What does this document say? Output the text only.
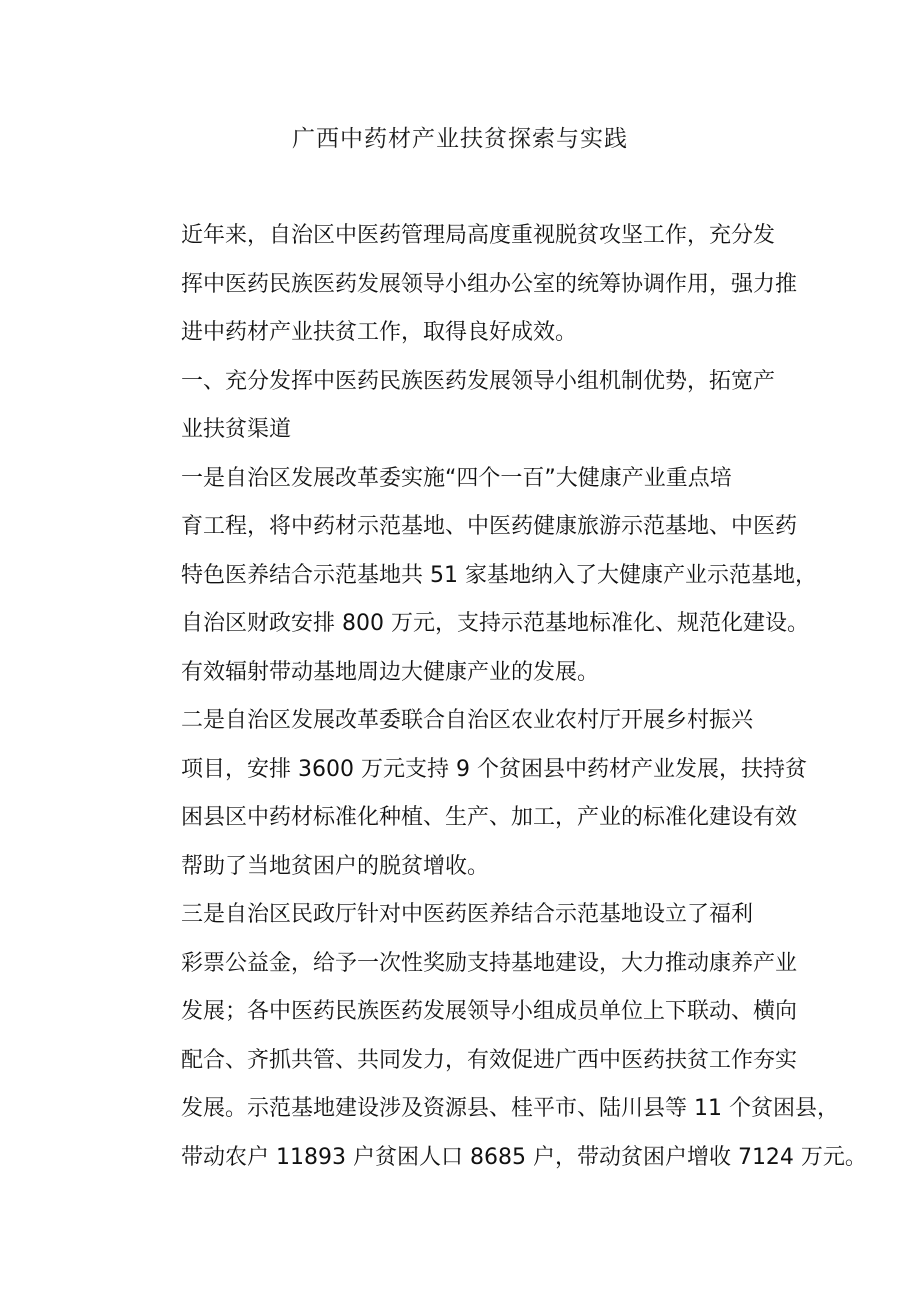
广西中药材产业扶贫探索与实践

近年来，自治区中医药管理局高度重视脱贫攻坚工作，充分发
挥中医药民族医药发展领导小组办公室的统筹协调作用，强力推
进中药材产业扶贫工作，取得良好成效。

一、充分发挥中医药民族医药发展领导小组机制优势，拓宽产
业扶贫渠道

一是自治区发展改革委实施“四个一百”大健康产业重点培
育工程，将中药材示范基地、中医药健康旅游示范基地、中医药
特色医养结合示范基地共 51 家基地纳入了大健康产业示范基地，
自治区财政安排 800 万元，支持示范基地标准化、规范化建设。
有效辐射带动基地周边大健康产业的发展。

二是自治区发展改革委联合自治区农业农村厅开展乡村振兴
项目，安排 3600 万元支持 9 个贫困县中药材产业发展，扶持贫
困县区中药材标准化种植、生产、加工，产业的标准化建设有效
帮助了当地贫困户的脱贫增收。

三是自治区民政厅针对中医药医养结合示范基地设立了福利
彩票公益金，给予一次性奖励支持基地建设，大力推动康养产业
发展；各中医药民族医药发展领导小组成员单位上下联动、横向
配合、齐抓共管、共同发力，有效促进广西中医药扶贫工作夯实
发展。示范基地建设涉及资源县、桂平市、陆川县等 11 个贫困县，
带动农户 11893 户贫困人口 8685 户，带动贫困户增收 7124 万元。
